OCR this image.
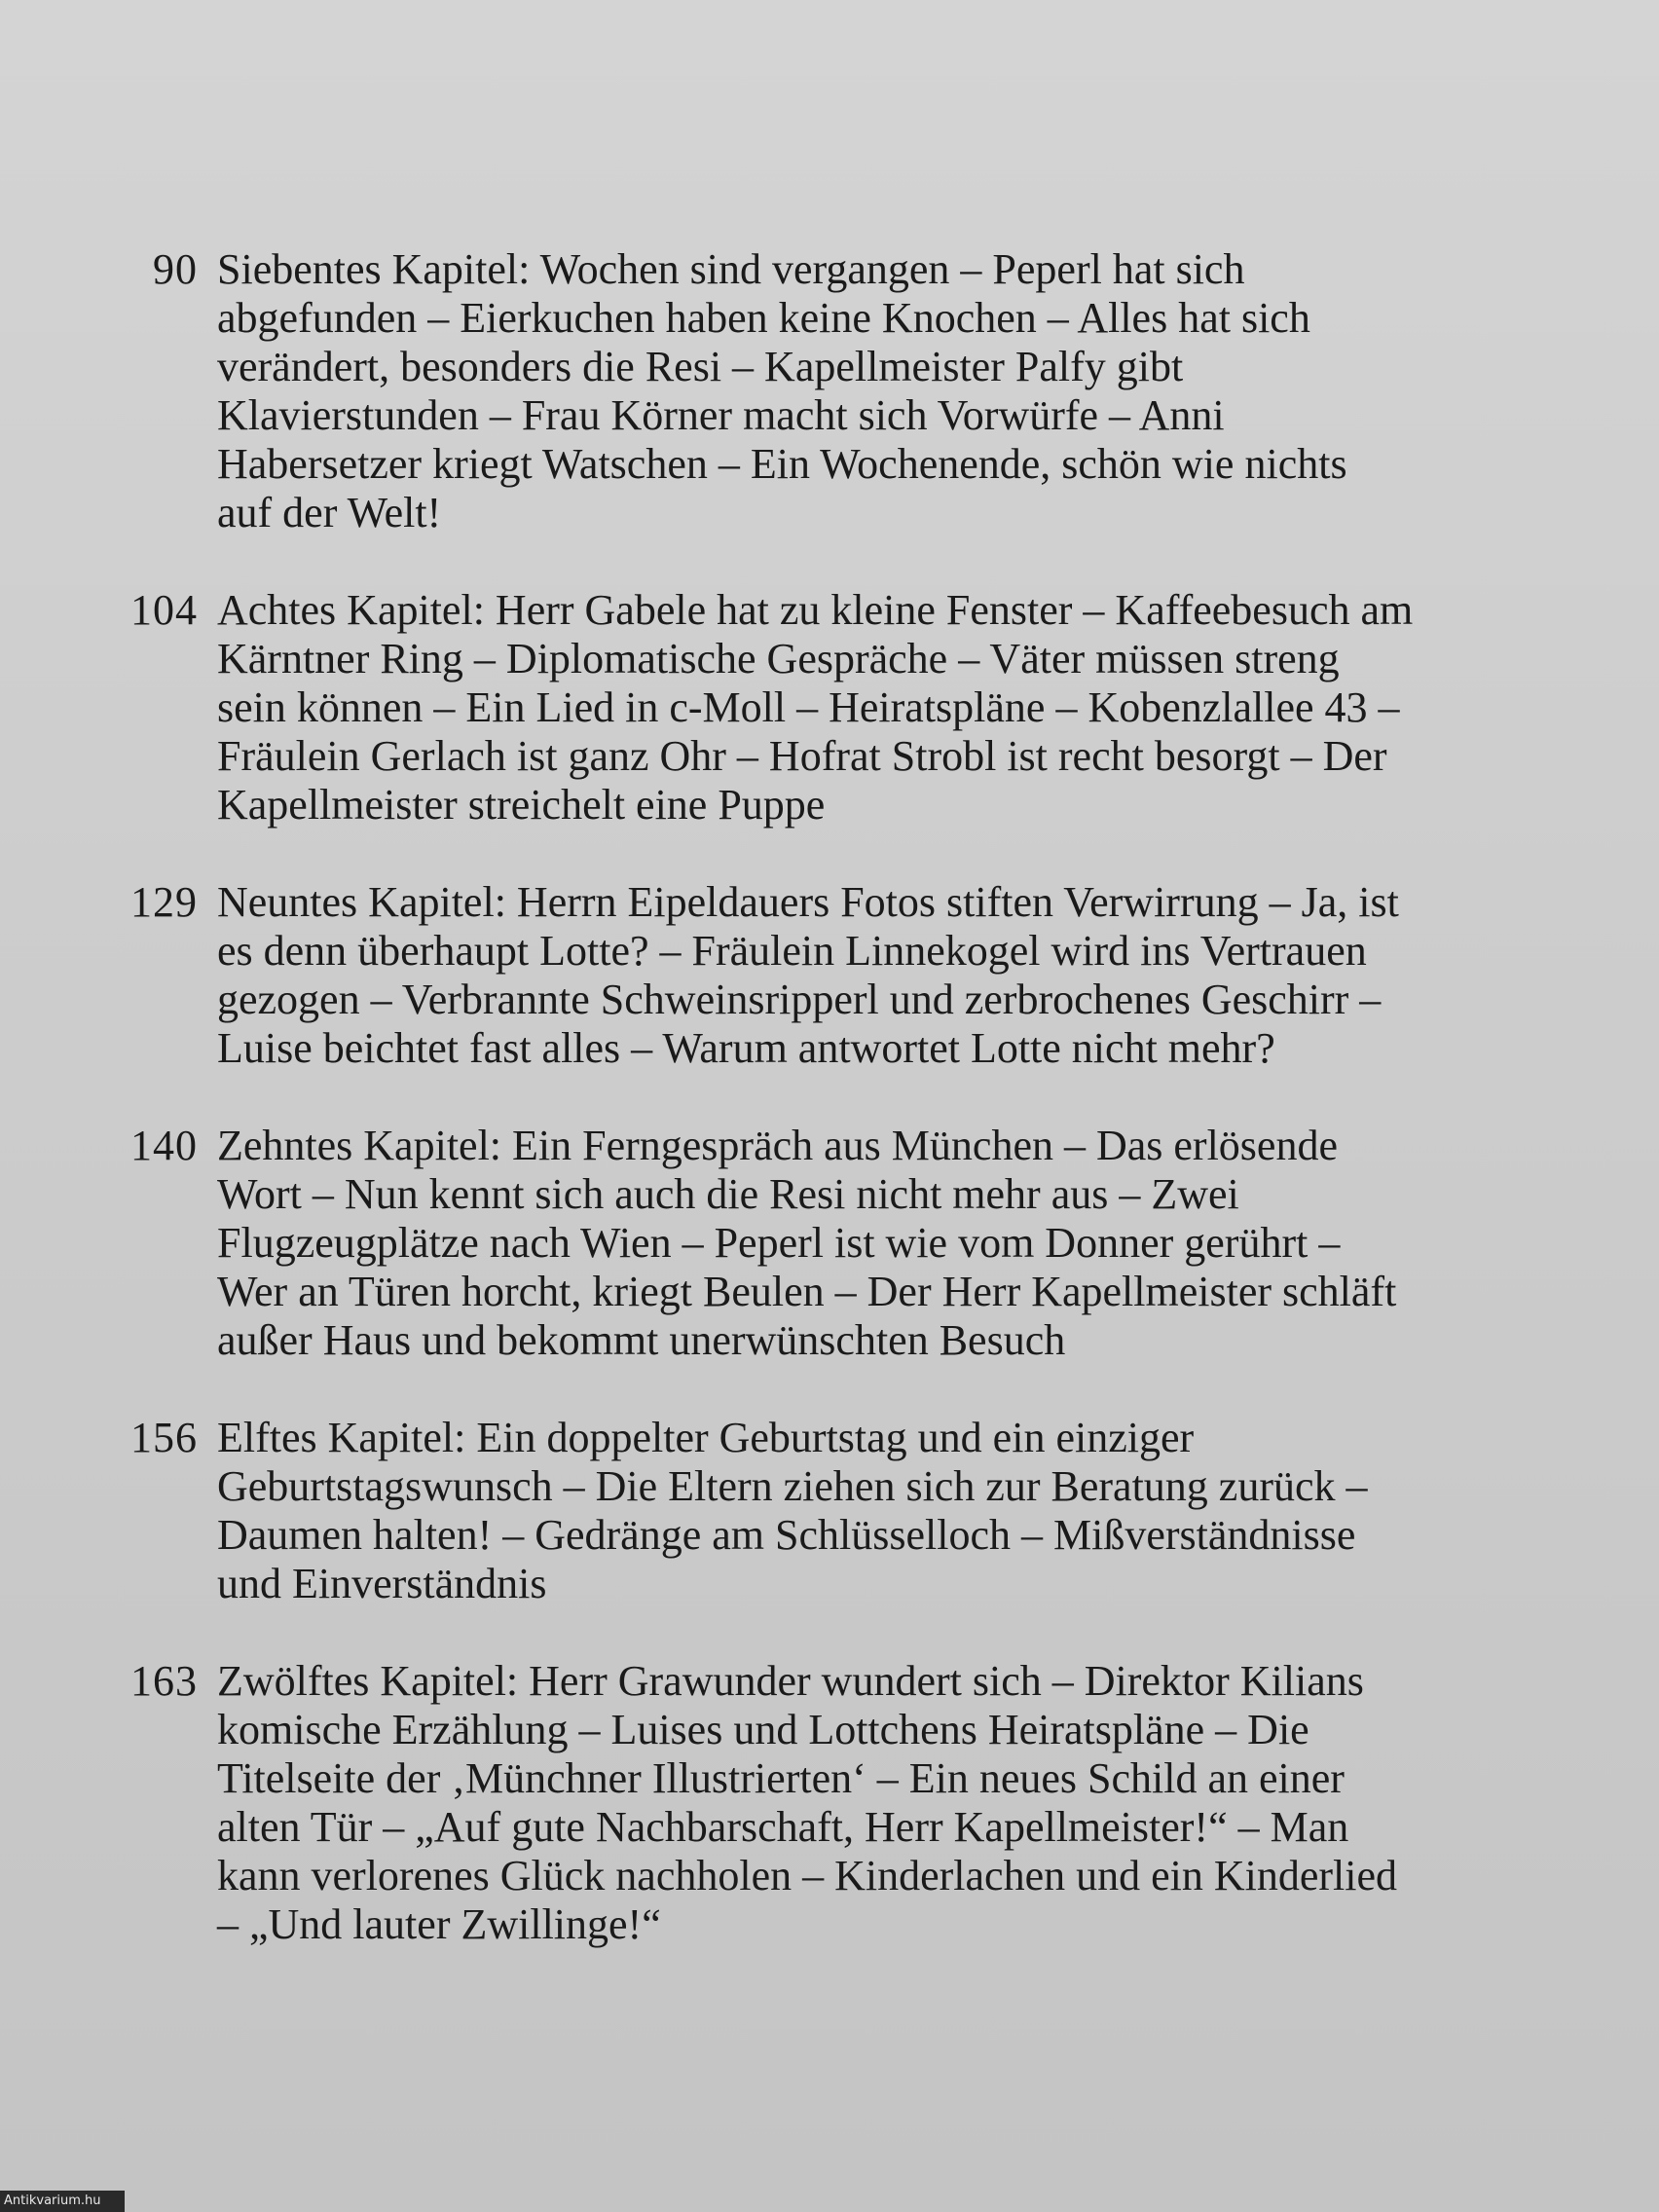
90 Siebentes Kapitel: Wochen sind vergangen – Peperl hat sich
abgefunden – Eierkuchen haben keine Knochen – Alles hat sich
verändert, besonders die Resi – Kapellmeister Palfy gibt
Klavierstunden – Frau Körner macht sich Vorwürfe – Anni
Habersetzer kriegt Watschen – Ein Wochenende, schön wie nichts
auf der Welt!
104 Achtes Kapitel: Herr Gabele hat zu kleine Fenster – Kaffeebesuch am
Kärntner Ring – Diplomatische Gespräche – Väter müssen streng
sein können – Ein Lied in c-Moll – Heiratspläne – Kobenzlallee 43 –
Fräulein Gerlach ist ganz Ohr – Hofrat Strobl ist recht besorgt – Der
Kapellmeister streichelt eine Puppe
129 Neuntes Kapitel: Herrn Eipeldauers Fotos stiften Verwirrung – Ja, ist
es denn überhaupt Lotte? – Fräulein Linnekogel wird ins Vertrauen
gezogen – Verbrannte Schweinsripperl und zerbrochenes Geschirr –
Luise beichtet fast alles – Warum antwortet Lotte nicht mehr?
140 Zehntes Kapitel: Ein Ferngespräch aus München – Das erlösende
Wort – Nun kennt sich auch die Resi nicht mehr aus – Zwei
Flugzeugplätze nach Wien – Peperl ist wie vom Donner gerührt –
Wer an Türen horcht, kriegt Beulen – Der Herr Kapellmeister schläft
außer Haus und bekommt unerwünschten Besuch
156 Elftes Kapitel: Ein doppelter Geburtstag und ein einziger
Geburtstagswunsch – Die Eltern ziehen sich zur Beratung zurück –
Daumen halten! – Gedränge am Schlüsselloch – Mißverständnisse
und Einverständnis
163 Zwölftes Kapitel: Herr Grawunder wundert sich – Direktor Kilians
komische Erzählung – Luises und Lottchens Heiratspläne – Die
Titelseite der ‚Münchner Illustrierten‘ – Ein neues Schild an einer
alten Tür – „Auf gute Nachbarschaft, Herr Kapellmeister!“ – Man
kann verlorenes Glück nachholen – Kinderlachen und ein Kinderlied
– „Und lauter Zwillinge!“
Antikvarium.hu
